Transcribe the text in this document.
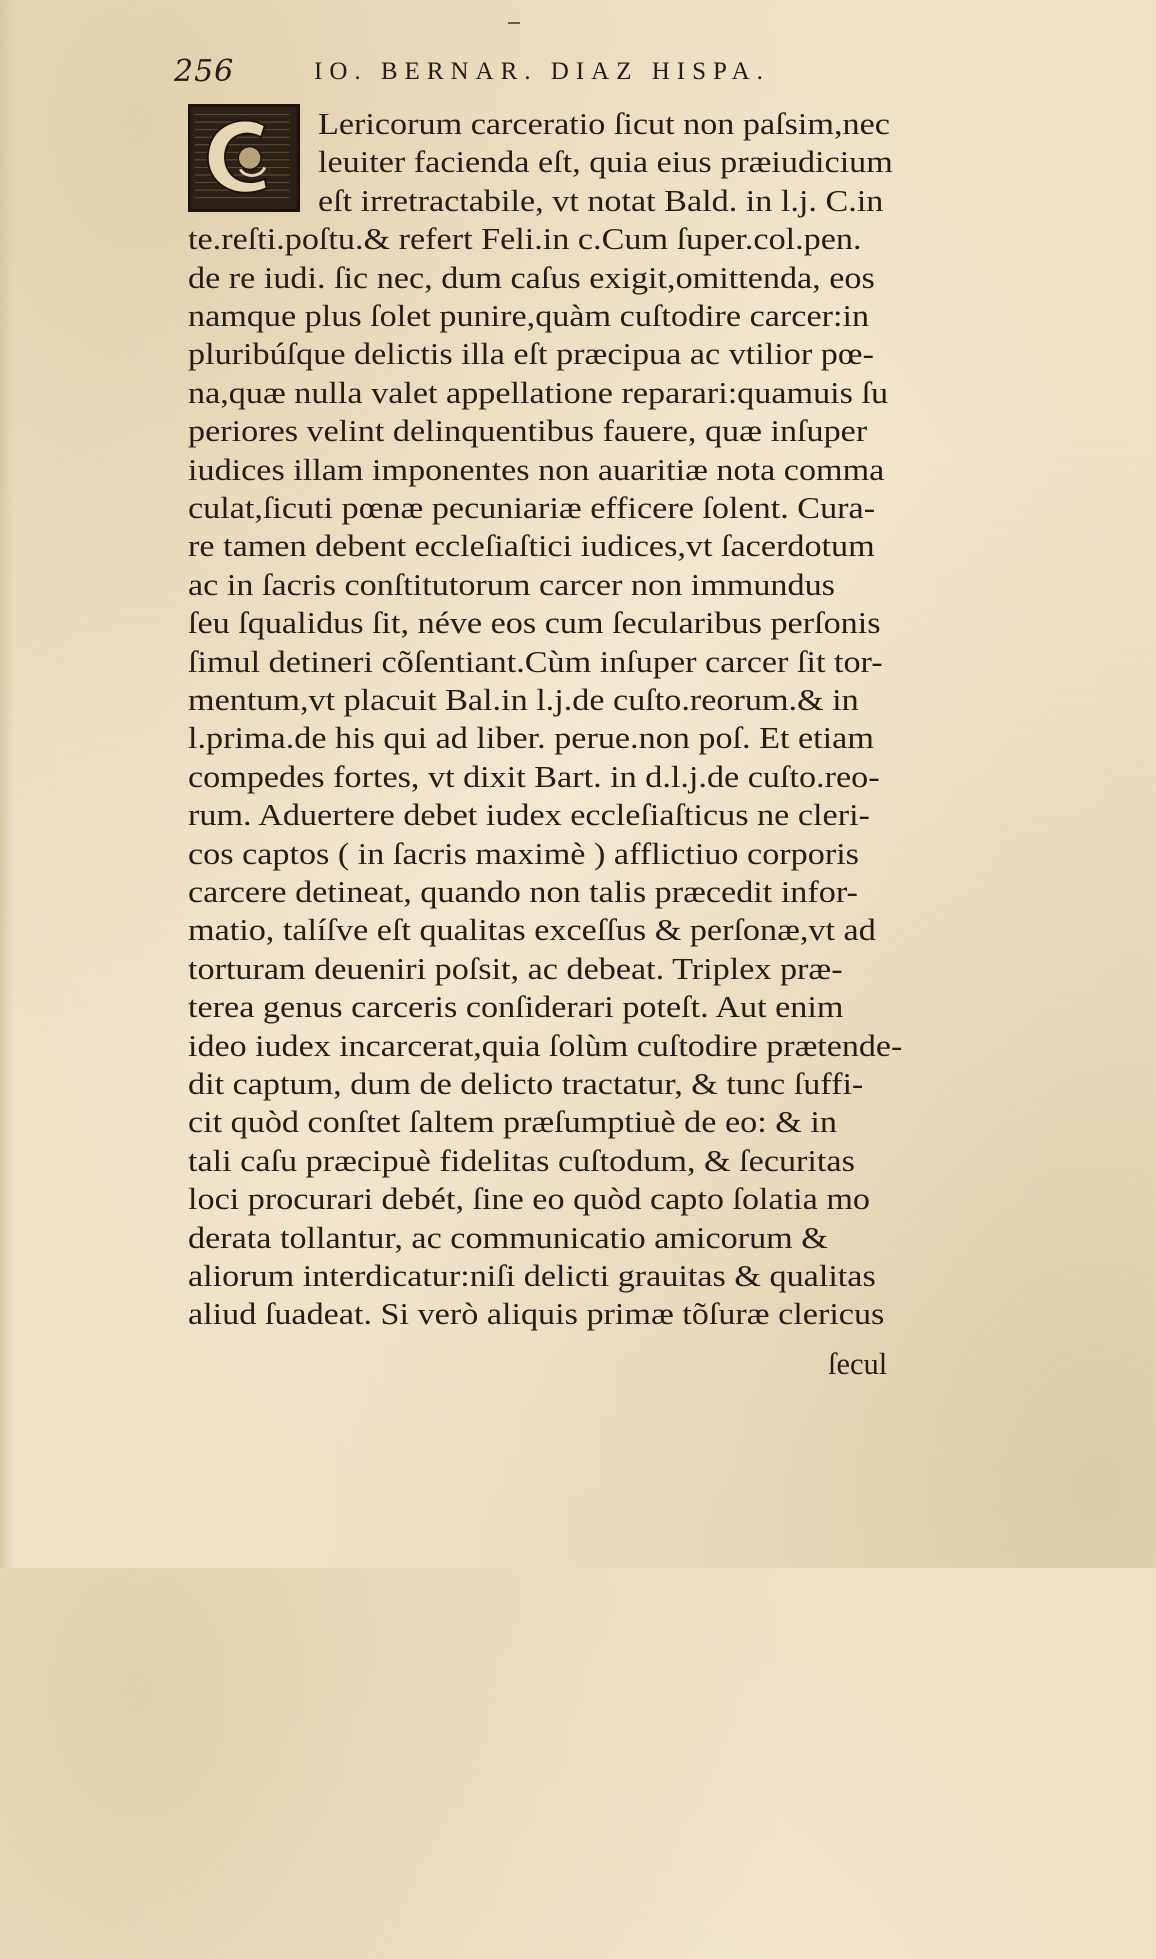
256	IO. BERNAR. DIAZ HISPA.
Lericorum carceratio ſicut non paſsim,nec
leuiter facienda eſt, quia eius præiudicium
eſt irretractabile, vt notat Bald. in l.j. C.in
te.reſti.poſtu.& refert Feli.in c.Cum ſuper.col.pen.
de re iudi. ſic nec, dum caſus exigit,omittenda, eos
namque plus ſolet punire,quàm cuſtodire carcer:in
pluribúſque delictis illa eſt præcipua ac vtilior pœ-
na,quæ nulla valet appellatione reparari:quamuis ſu
periores velint delinquentibus fauere, quæ inſuper
iudices illam imponentes non auaritiæ nota comma
culat,ſicuti pœnæ pecuniariæ efficere ſolent. Cura-
re tamen debent eccleſiaſtici iudices,vt ſacerdotum
ac in ſacris conſtitutorum carcer non immundus
ſeu ſqualidus ſit, néve eos cum ſecularibus perſonis
ſimul detineri cõſentiant.Cùm inſuper carcer ſit tor-
mentum,vt placuit Bal.in l.j.de cuſto.reorum.& in
l.prima.de his qui ad liber. perue.non poſ. Et etiam
compedes fortes, vt dixit Bart. in d.l.j.de cuſto.reo-
rum. Aduertere debet iudex eccleſiaſticus ne cleri-
cos captos ( in ſacris maximè ) afflictiuo corporis
carcere detineat, quando non talis præcedit infor-
matio, talíſve eſt qualitas exceſſus & perſonæ,vt ad
torturam deueniri poſsit, ac debeat. Triplex præ-
terea genus carceris conſiderari poteſt. Aut enim
ideo iudex incarcerat,quia ſolùm cuſtodire prætende-
dit captum, dum de delicto tractatur, & tunc ſuffi-
cit quòd conſtet ſaltem præſumptiuè de eo: & in
tali caſu præcipuè fidelitas cuſtodum, & ſecuritas
loci procurari debét, ſine eo quòd capto ſolatia mo
derata tollantur, ac communicatio amicorum &
aliorum interdicatur:niſi delicti grauitas & qualitas
aliud ſuadeat. Si verò aliquis primæ tõſuræ clericus
ſecul
